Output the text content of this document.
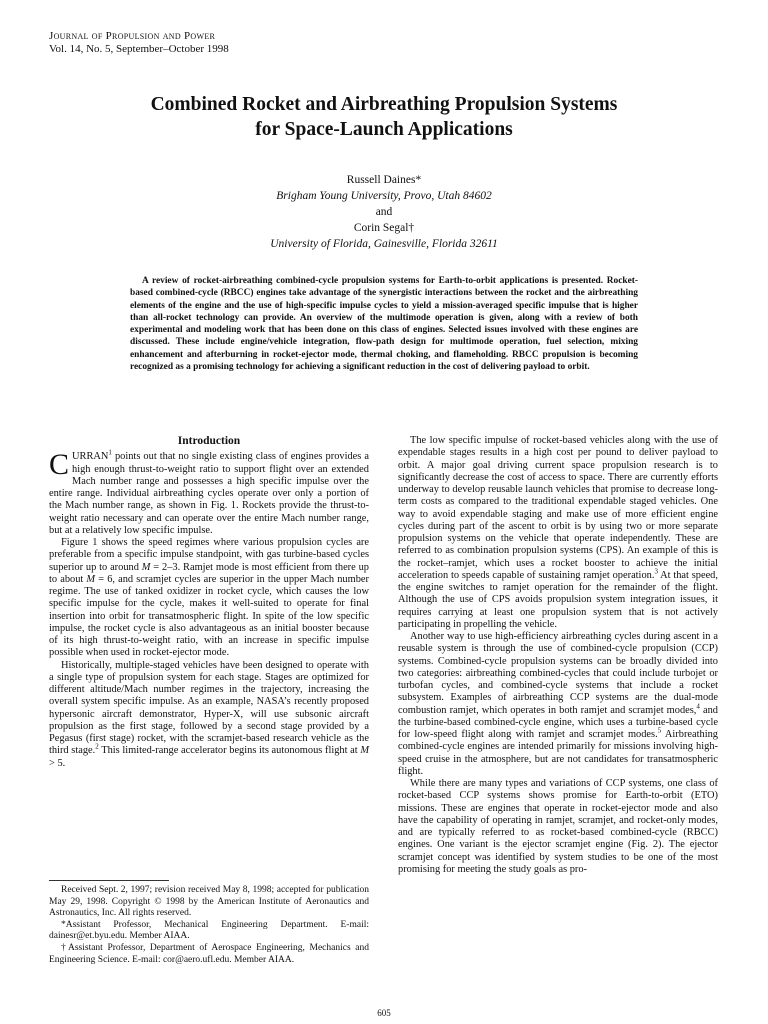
Journal of Propulsion and Power
Vol. 14, No. 5, September–October 1998
Combined Rocket and Airbreathing Propulsion Systems
for Space-Launch Applications
Russell Daines*
Brigham Young University, Provo, Utah 84602
and
Corin Segal†
University of Florida, Gainesville, Florida 32611

A review of rocket-airbreathing combined-cycle propulsion systems for Earth-to-orbit applications is presented. Rocket-based combined-cycle (RBCC) engines take advantage of the synergistic interactions between the rocket and the airbreathing elements of the engine and the use of high-specific impulse cycles to yield a mission-averaged specific impulse that is higher than all-rocket technology can provide. An overview of the multimode operation is given, along with a review of both experimental and modeling work that has been done on this class of engines. Selected issues involved with these engines are discussed. These include engine/vehicle integration, flow-path design for multimode operation, fuel selection, mixing enhancement and afterburning in rocket-ejector mode, thermal choking, and flameholding. RBCC propulsion is becoming recognized as a promising technology for achieving a significant reduction in the cost of delivering payload to orbit.

Introduction

CURRAN$^1$ points out that no single existing class of engines provides a high enough thrust-to-weight ratio to support flight over an extended Mach number range and possesses a high specific impulse over the entire range. Individual airbreathing cycles operate over only a portion of the Mach number range, as shown in Fig. 1. Rockets provide the thrust-to-weight ratio necessary and can operate over the entire Mach number range, but at a relatively low specific impulse.

Figure 1 shows the speed regimes where various propulsion cycles are preferable from a specific impulse standpoint, with gas turbine-based cycles superior up to around M = 2–3. Ramjet mode is most efficient from there up to about M = 6, and scramjet cycles are superior in the upper Mach number regime. The use of tanked oxidizer in rocket cycle, which causes the low specific impulse for the cycle, makes it well-suited to operate for final insertion into orbit for transatmospheric flight. In spite of the low specific impulse, the rocket cycle is also advantageous as an initial booster because of its high thrust-to-weight ratio, with an increase in specific impulse possible when used in rocket-ejector mode.

Historically, multiple-staged vehicles have been designed to operate with a single type of propulsion system for each stage. Stages are optimized for different altitude/Mach number regimes in the trajectory, increasing the overall system specific impulse. As an example, NASA’s recently proposed hypersonic aircraft demonstrator, Hyper-X, will use subsonic aircraft propulsion as the first stage, followed by a second stage provided by a Pegasus (first stage) rocket, with the scramjet-based research vehicle as the third stage.$^2$ This limited-range accelerator begins its autonomous flight at M > 5.

Received Sept. 2, 1997; revision received May 8, 1998; accepted for publication May 29, 1998. Copyright © 1998 by the American Institute of Aeronautics and Astronautics, Inc. All rights reserved.

*Assistant Professor, Mechanical Engineering Department. E-mail: dainesr@et.byu.edu. Member AIAA.

†Assistant Professor, Department of Aerospace Engineering, Mechanics and Engineering Science. E-mail: cor@aero.ufl.edu. Member AIAA.

The low specific impulse of rocket-based vehicles along with the use of expendable stages results in a high cost per pound to deliver payload to orbit. A major goal driving current space propulsion research is to significantly decrease the cost of access to space. There are currently efforts underway to develop reusable launch vehicles that promise to decrease long-term costs as compared to the traditional expendable staged vehicles. One way to avoid expendable staging and make use of more efficient engine cycles during part of the ascent to orbit is by using two or more separate propulsion systems on the vehicle that operate independently. These are referred to as combination propulsion systems (CPS). An example of this is the rocket–ramjet, which uses a rocket booster to achieve the initial acceleration to speeds capable of sustaining ramjet operation.$^3$ At that speed, the engine switches to ramjet operation for the remainder of the flight. Although the use of CPS avoids propulsion system integration issues, it requires carrying at least one propulsion system that is not actively participating in propelling the vehicle.

Another way to use high-efficiency airbreathing cycles during ascent in a reusable system is through the use of combined-cycle propulsion (CCP) systems. Combined-cycle propulsion systems can be broadly divided into two categories: airbreathing combined-cycles that could include turbojet or turbofan cycles, and combined-cycle systems that include a rocket subsystem. Examples of airbreathing CCP systems are the dual-mode combustion ramjet, which operates in both ramjet and scramjet modes,$^4$ and the turbine-based combined-cycle engine, which uses a turbine-based cycle for low-speed flight along with ramjet and scramjet modes.$^5$ Airbreathing combined-cycle engines are intended primarily for missions involving high-speed cruise in the atmosphere, but are not candidates for transatmospheric flight.

While there are many types and variations of CCP systems, one class of rocket-based CCP systems shows promise for Earth-to-orbit (ETO) missions. These are engines that operate in rocket-ejector mode and also have the capability of operating in ramjet, scramjet, and rocket-only modes, and are typically referred to as rocket-based combined-cycle (RBCC) engines. One variant is the ejector scramjet engine (Fig. 2). The ejector scramjet concept was identified by system studies to be one of the most promising for meeting the study goals as pro-

605
